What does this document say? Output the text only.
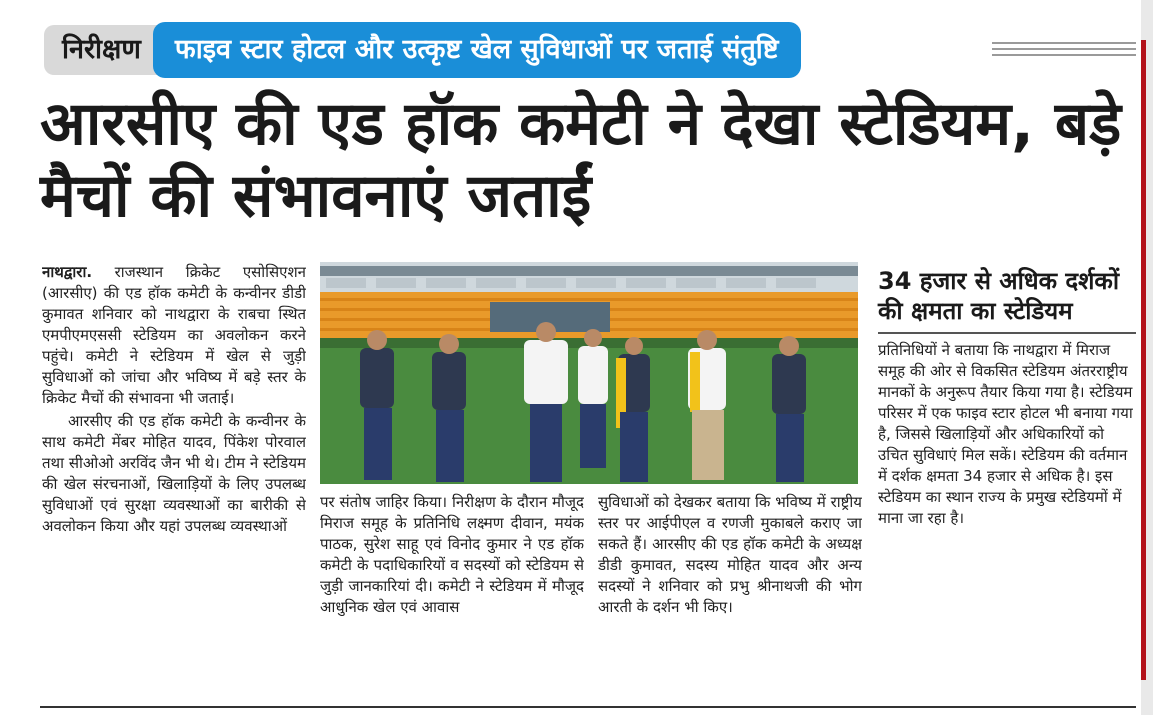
निरीक्षण	फाइव स्टार होटल और उत्कृष्ट खेल सुविधाओं पर जताई संतुष्टि
आरसीए की एड हॉक कमेटी ने देखा स्टेडियम, बड़े मैचों की संभावनाएं जताईं

नाथद्वारा. राजस्थान क्रिकेट एसोसिएशन (आरसीए) की एड हॉक कमेटी के कन्वीनर डीडी कुमावत शनिवार को नाथद्वारा के राबचा स्थित एमपीएमएससी स्टेडियम का अवलोकन करने पहुंचे। कमेटी ने स्टेडियम में खेल से जुड़ी सुविधाओं को जांचा और भविष्य में बड़े स्तर के क्रिकेट मैचों की संभावना भी जताई।

आरसीए की एड हॉक कमेटी के कन्वीनर के साथ कमेटी मेंबर मोहित यादव, पिंकेश पोरवाल तथा सीओओ अरविंद जैन भी थे। टीम ने स्टेडियम की खेल संरचनाओं, खिलाड़ियों के लिए उपलब्ध सुविधाओं एवं सुरक्षा व्यवस्थाओं का बारीकी से अवलोकन किया और यहां उपलब्ध व्यवस्थाओं

पर संतोष जाहिर किया। निरीक्षण के दौरान मौजूद मिराज समूह के प्रतिनिधि लक्ष्मण दीवान, मयंक पाठक, सुरेश साहू एवं विनोद कुमार ने एड हॉक कमेटी के पदाधिकारियों व सदस्यों को स्टेडियम से जुड़ी जानकारियां दी। कमेटी ने स्टेडियम में मौजूद आधुनिक खेल एवं आवास

सुविधाओं को देखकर बताया कि भविष्य में राष्ट्रीय स्तर पर आईपीएल व रणजी मुकाबले कराए जा सकते हैं। आरसीए की एड हॉक कमेटी के अध्यक्ष डीडी कुमावत, सदस्य मोहित यादव और अन्य सदस्यों ने शनिवार को प्रभु श्रीनाथजी की भोग आरती के दर्शन भी किए।

34 हजार से अधिक दर्शकों की क्षमता का स्टेडियम

प्रतिनिधियों ने बताया कि नाथद्वारा में मिराज समूह की ओर से विकसित स्टेडियम अंतरराष्ट्रीय मानकों के अनुरूप तैयार किया गया है। स्टेडियम परिसर में एक फाइव स्टार होटल भी बनाया गया है, जिससे खिलाड़ियों और अधिकारियों को उचित सुविधाएं मिल सकें। स्टेडियम की वर्तमान में दर्शक क्षमता 34 हजार से अधिक है। इस स्टेडियम का स्थान राज्य के प्रमुख स्टेडियमों में माना जा रहा है।
